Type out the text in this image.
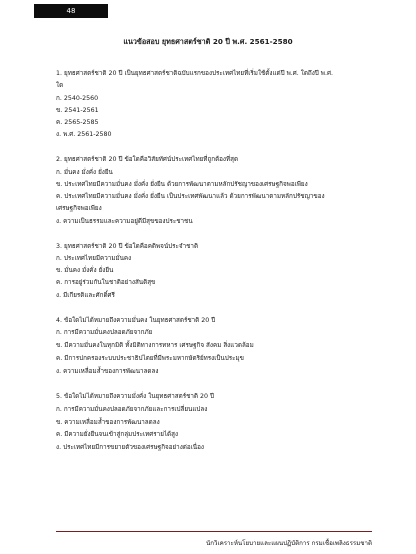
48
แนวข้อสอบ ยุทธศาสตร์ชาติ 20 ปี พ.ศ. 2561-2580
1. ยุทธศาสตร์ชาติ 20 ปี เป็นยุทธศาสตร์ชาติฉบับแรกของประเทศไทยที่เริ่มใช้ตั้งแต่ปี พ.ศ. ใดถึงปี พ.ศ.
ใด
ก. 2540-2560
ข. 2541-2561
ค. 2565-2585
ง. พ.ศ. 2561-2580
2. ยุทธศาสตร์ชาติ 20 ปี ข้อใดคือวิสัยทัศน์ประเทศไทยที่ถูกต้องที่สุด
ก. มั่นคง มั่งคั่ง ยั่งยืน
ข. ประเทศไทยมีความมั่นคง มั่งคั่ง ยั่งยืน ด้วยการพัฒนาตามหลักปรัชญาของเศรษฐกิจพอเพียง
ค. ประเทศไทยมีความมั่นคง มั่งคั่ง ยั่งยืน เป็นประเทศพัฒนาแล้ว ด้วยการพัฒนาตามหลักปรัชญาของ
เศรษฐกิจพอเพียง
ง. ความเป็นธรรมและความอยู่ดีมีสุขของประชาชน
3. ยุทธศาสตร์ชาติ 20 ปี ข้อใดคือคติพจน์ประจำชาติ
ก. ประเทศไทยมีความมั่นคง
ข. มั่นคง มั่งคั่ง ยั่งยืน
ค. การอยู่ร่วมกันในชาติอย่างสันติสุข
ง. มีเกียรติและศักดิ์ศรี
4. ข้อใดไม่ได้หมายถึงความมั่นคง ในยุทธศาสตร์ชาติ 20 ปี
ก. การมีความมั่นคงปลอดภัยจากภัย
ข. มีความมั่นคงในทุกมิติ ทั้งมิติทางการทหาร เศรษฐกิจ สังคม สิ่งแวดล้อม
ค. มีการปกครองระบบประชาธิปไตยที่มีพระมหากษัตริย์ทรงเป็นประมุข
ง. ความเหลื่อมล้ำของการพัฒนาลดลง
5. ข้อใดไม่ได้หมายถึงความมั่งคั่ง ในยุทธศาสตร์ชาติ 20 ปี
ก. การมีความมั่นคงปลอดภัยจากภัยและการเปลี่ยนแปลง
ข. ความเหลื่อมล้ำของการพัฒนาลดลง
ค. มีความยั่งยืนจนเข้าสู่กลุ่มประเทศรายได้สูง
ง. ประเทศไทยมีการขยายตัวของเศรษฐกิจอย่างต่อเนื่อง
นักวิเคราะห์นโยบายและแผนปฏิบัติการ กรมเชื้อเพลิงธรรมชาติ
